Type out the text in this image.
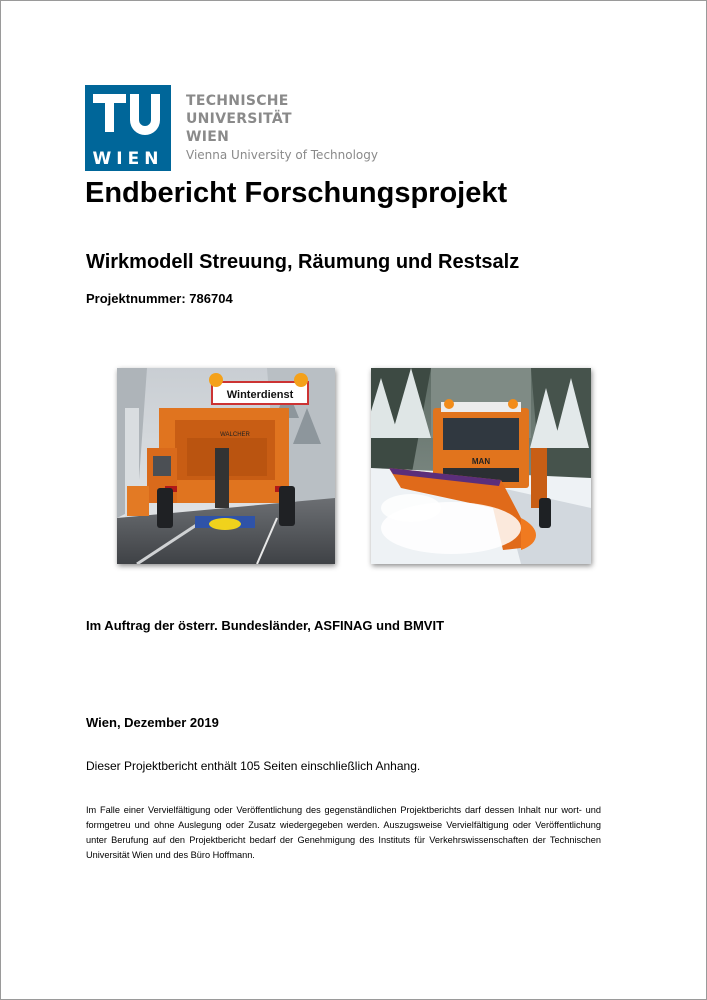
WIEN
TECHNISCHE
UNIVERSITÄT
WIEN
Vienna University of Technology
Endbericht Forschungsprojekt
Wirkmodell Streuung, Räumung und Restsalz
Projektnummer: 786704
Winterdienst
WALCHER
MAN
Im Auftrag der österr. Bundesländer, ASFINAG und BMVIT
Wien, Dezember 2019
Dieser Projektbericht enthält 105 Seiten einschließlich Anhang.
Im Falle einer Vervielfältigung oder Veröffentlichung des gegenständlichen Projektberichts darf dessen Inhalt nur wort- und formgetreu und ohne Auslegung oder Zusatz wiedergegeben werden. Auszugsweise Vervielfältigung oder Veröffentlichung unter Berufung auf den Projektbericht bedarf der Genehmigung des Instituts für Verkehrswissenschaften der Technischen Universität Wien und des Büro Hoffmann.
